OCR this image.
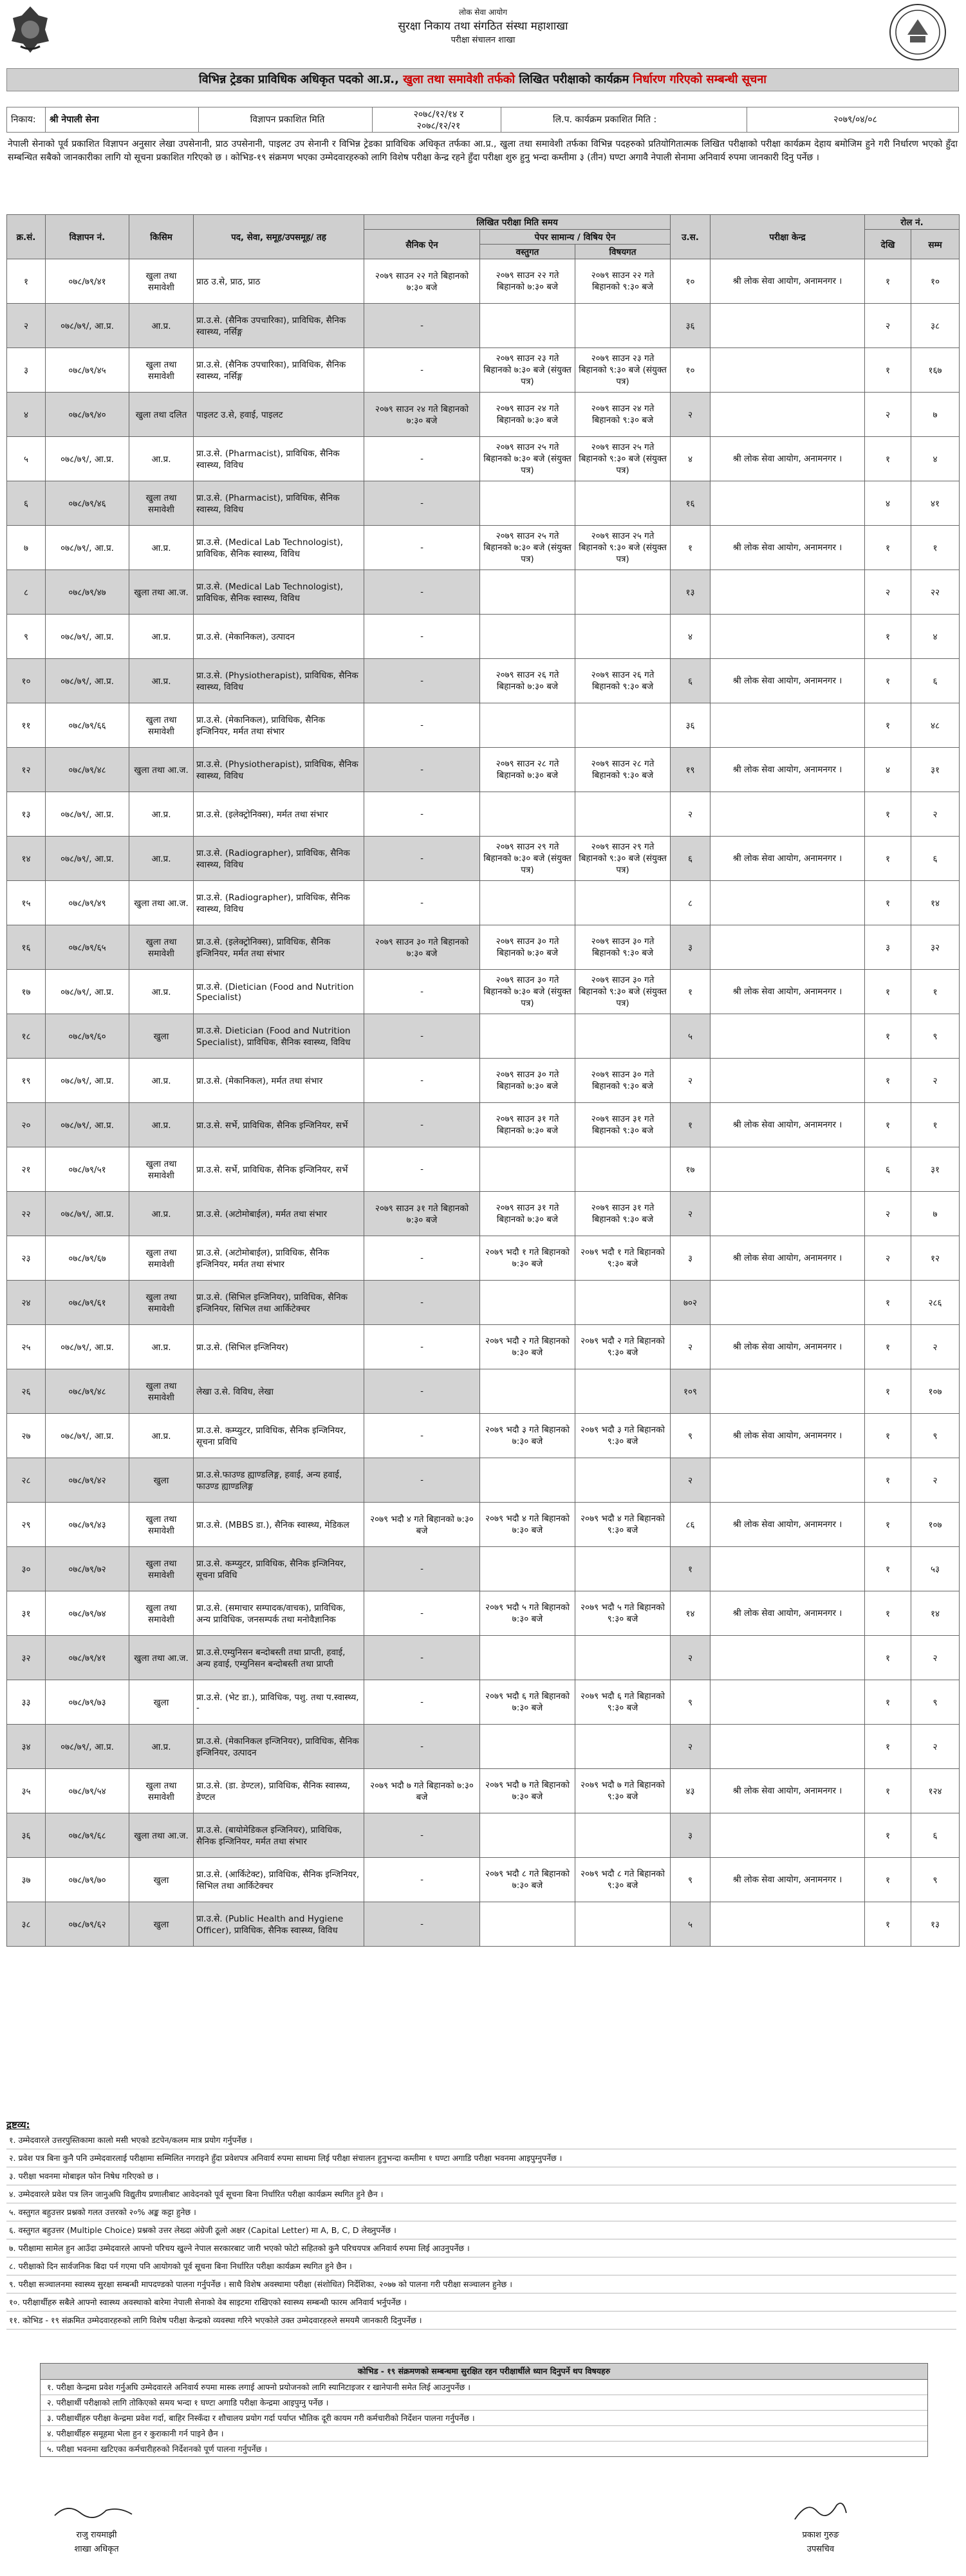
लोक सेवा आयोग
सुरक्षा निकाय तथा संगठित संस्था महाशाखा
परीक्षा संचालन शाखा
विभिन्न ट्रेडका प्राविधिक अधिकृत पदको आ.प्र., खुला तथा समावेशी तर्फको लिखित परीक्षाको कार्यक्रम निर्धारण गरिएको सम्बन्धी सूचना
निकाय:	श्री नेपाली सेना	विज्ञापन प्रकाशित मिति	२०७८/१२/१४ र
२०७८/१२/२१
लि.प. कार्यक्रम प्रकाशित मिति :	२०७९/०४/०८
नेपाली सेनाको पूर्व प्रकाशित विज्ञापन अनुसार लेखा उपसेनानी, प्राठ उपसेनानी, पाइलट उप सेनानी र विभिन्न ट्रेडका प्राविधिक अधिकृत तर्फका आ.प्र., खुला तथा समावेशी तर्फका विभिन्न पदहरुको प्रतियोगितात्मक लिखित परीक्षाको परीक्षा कार्यक्रम देहाय बमोजिम हुने गरी निर्धारण भएको हुँदा सम्बन्धित सबैको जानकारीका लागि यो सूचना प्रकाशित गरिएको छ । कोभिड-१९ संक्रमण भएका उम्मेदवारहरुको लागि विशेष परीक्षा केन्द्र रहने हुँदा परीक्षा शुरु हुनु भन्दा कम्तीमा ३ (तीन) घण्टा अगावै नेपाली सेनामा अनिवार्य रुपमा जानकारी दिनु पर्नेछ ।
क्र.सं.	विज्ञापन नं.	किसिम	पद, सेवा, समूह/उपसमूह/ तह	लिखित परीक्षा मिति समय			उ.स.	परीक्षा केन्द्र	रोल नं.	
				सैनिक ऐन	पेपर सामान्य / विषिय ऐन				देखि	सम्म
					वस्तुगत	विषयगत				
१	०७८/७९/४१	खुला तथा समावेशी	प्राठ उ.से, प्राठ, प्राठ	२०७९ साउन २२ गते बिहानको ७:३० बजे	२०७९ साउन २२ गते बिहानको ७:३० बजे	२०७९ साउन २२ गते बिहानको ९:३० बजे	१०	श्री लोक सेवा आयोग, अनामनगर ।	१	१०
२	०७८/७९/, आ.प्र.	आ.प्र.	प्रा.उ.से. (सैनिक उपचारिका), प्राविधिक, सैनिक स्वास्थ्य, नर्सिङ्ग	-			३६		२	३८
३	०७८/७९/४५	खुला तथा समावेशी	प्रा.उ.से. (सैनिक उपचारिका), प्राविधिक, सैनिक स्वास्थ्य, नर्सिङ्ग	-	२०७९ साउन २३ गते बिहानको ७:३० बजे (संयुक्त पत्र)	२०७९ साउन २३ गते बिहानको ९:३० बजे (संयुक्त पत्र)	१०		१	१६७
४	०७८/७९/४०	खुला तथा दलित	पाइलट उ.से, हवाई, पाइलट	२०७९ साउन २४ गते बिहानको ७:३० बजे	२०७९ साउन २४ गते बिहानको ७:३० बजे	२०७९ साउन २४ गते बिहानको ९:३० बजे	२		२	७
५	०७८/७९/, आ.प्र.	आ.प्र.	प्रा.उ.से. (Pharmacist), प्राविधिक, सैनिक स्वास्थ्य, विविध	-	२०७९ साउन २५ गते बिहानको ७:३० बजे (संयुक्त पत्र)	२०७९ साउन २५ गते बिहानको ९:३० बजे (संयुक्त पत्र)	४	श्री लोक सेवा आयोग, अनामनगर ।	१	४
६	०७८/७९/४६	खुला तथा समावेशी	प्रा.उ.से. (Pharmacist), प्राविधिक, सैनिक स्वास्थ्य, विविध	-			१६		४	४१
७	०७८/७९/, आ.प्र.	आ.प्र.	प्रा.उ.से. (Medical Lab Technologist), प्राविधिक, सैनिक स्वास्थ्य, विविध	-	२०७९ साउन २५ गते बिहानको ७:३० बजे (संयुक्त पत्र)	२०७९ साउन २५ गते बिहानको ९:३० बजे (संयुक्त पत्र)	१	श्री लोक सेवा आयोग, अनामनगर ।	१	१
८	०७८/७९/४७	खुला तथा आ.ज.	प्रा.उ.से. (Medical Lab Technologist), प्राविधिक, सैनिक स्वास्थ्य, विविध	-			१३		२	२२
९	०७८/७९/, आ.प्र.	आ.प्र.	प्रा.उ.से. (मेकानिकल), उत्पादन	-			४		१	४
१०	०७८/७९/, आ.प्र.	आ.प्र.	प्रा.उ.से. (Physiotherapist), प्राविधिक, सैनिक स्वास्थ्य, विविध	-	२०७९ साउन २६ गते बिहानको ७:३० बजे	२०७९ साउन २६ गते बिहानको ९:३० बजे	६	श्री लोक सेवा आयोग, अनामनगर ।	१	६
११	०७८/७९/६६	खुला तथा समावेशी	प्रा.उ.से. (मेकानिकल), प्राविधिक, सैनिक इन्जिनियर, मर्मत तथा संभार	-			३६		१	४८
१२	०७८/७९/४८	खुला तथा आ.ज.	प्रा.उ.से. (Physiotherapist), प्राविधिक, सैनिक स्वास्थ्य, विविध	-	२०७९ साउन २८ गते बिहानको ७:३० बजे	२०७९ साउन २८ गते बिहानको ९:३० बजे	१९	श्री लोक सेवा आयोग, अनामनगर ।	४	३१
१३	०७८/७९/, आ.प्र.	आ.प्र.	प्रा.उ.से. (इलेक्ट्रोनिक्स), मर्मत तथा संभार	-			२		१	२
१४	०७८/७९/, आ.प्र.	आ.प्र.	प्रा.उ.से. (Radiographer), प्राविधिक, सैनिक स्वास्थ्य, विविध	-	२०७९ साउन २९ गते बिहानको ७:३० बजे (संयुक्त पत्र)	२०७९ साउन २९ गते बिहानको ९:३० बजे (संयुक्त पत्र)	६	श्री लोक सेवा आयोग, अनामनगर ।	१	६
१५	०७८/७९/४९	खुला तथा आ.ज.	प्रा.उ.से. (Radiographer), प्राविधिक, सैनिक स्वास्थ्य, विविध	-			८		१	१४
१६	०७८/७९/६५	खुला तथा समावेशी	प्रा.उ.से. (इलेक्ट्रोनिक्स), प्राविधिक, सैनिक इन्जिनियर, मर्मत तथा संभार	२०७९ साउन ३० गते बिहानको ७:३० बजे	२०७९ साउन ३० गते बिहानको ७:३० बजे	२०७९ साउन ३० गते बिहानको ९:३० बजे	३		३	३२
१७	०७८/७९/, आ.प्र.	आ.प्र.	प्रा.उ.से. (Dietician (Food and Nutrition Specialist)	-	२०७९ साउन ३० गते बिहानको ७:३० बजे (संयुक्त पत्र)	२०७९ साउन ३० गते बिहानको ९:३० बजे (संयुक्त पत्र)	१	श्री लोक सेवा आयोग, अनामनगर ।	१	१
१८	०७८/७९/६०	खुला	प्रा.उ.से. Dietician (Food and Nutrition Specialist), प्राविधिक, सैनिक स्वास्थ्य, विविध	-			५		१	९
१९	०७८/७९/, आ.प्र.	आ.प्र.	प्रा.उ.से. (मेकानिकल), मर्मत तथा संभार	-	२०७९ साउन ३० गते बिहानको ७:३० बजे	२०७९ साउन ३० गते बिहानको ९:३० बजे	२		१	२
२०	०७८/७९/, आ.प्र.	आ.प्र.	प्रा.उ.से. सर्भे, प्राविधिक, सैनिक इन्जिनियर, सर्भे	-	२०७९ साउन ३१ गते बिहानको ७:३० बजे	२०७९ साउन ३१ गते बिहानको ९:३० बजे	१	श्री लोक सेवा आयोग, अनामनगर ।	१	१
२१	०७८/७९/५१	खुला तथा समावेशी	प्रा.उ.से. सर्भे, प्राविधिक, सैनिक इन्जिनियर, सर्भे	-			१७		६	३१
२२	०७८/७९/, आ.प्र.	आ.प्र.	प्रा.उ.से. (अटोमोबाईल), मर्मत तथा संभार	२०७९ साउन ३१ गते बिहानको ७:३० बजे	२०७९ साउन ३१ गते बिहानको ७:३० बजे	२०७९ साउन ३१ गते बिहानको ९:३० बजे	२		२	७
२३	०७८/७९/६७	खुला तथा समावेशी	प्रा.उ.से. (अटोमोबाईल), प्राविधिक, सैनिक इन्जिनियर, मर्मत तथा संभार	-	२०७९ भदौ १ गते बिहानको ७:३० बजे	२०७९ भदौ १ गते बिहानको ९:३० बजे	३	श्री लोक सेवा आयोग, अनामनगर ।	२	१२
२४	०७८/७९/६१	खुला तथा समावेशी	प्रा.उ.से. (सिभिल इन्जिनियर), प्राविधिक, सैनिक इन्जिनियर, सिभिल तथा आर्किटेक्चर	-			७०२		१	२८६
२५	०७८/७९/, आ.प्र.	आ.प्र.	प्रा.उ.से. (सिभिल इन्जिनियर)	-	२०७९ भदौ २ गते बिहानको ७:३० बजे	२०७९ भदौ २ गते बिहानको ९:३० बजे	२	श्री लोक सेवा आयोग, अनामनगर ।	१	२
२६	०७८/७९/४८	खुला तथा समावेशी	लेखा उ.से. विविध, लेखा	-			१०९		१	१०७
२७	०७८/७९/, आ.प्र.	आ.प्र.	प्रा.उ.से. कम्प्युटर, प्राविधिक, सैनिक इन्जिनियर, सूचना प्रविधि	-	२०७९ भदौ ३ गते बिहानको ७:३० बजे	२०७९ भदौ ३ गते बिहानको ९:३० बजे	९	श्री लोक सेवा आयोग, अनामनगर ।	१	९
२८	०७८/७९/४२	खुला	प्रा.उ.से.फाउण्ड ह्याण्डलिङ्ग, हवाई, अन्य हवाई, फाउण्ड ह्याण्डलिङ्ग	-			२		१	२
२९	०७८/७९/४३	खुला तथा समावेशी	प्रा.उ.से. (MBBS डा.), सैनिक स्वास्थ्य, मेडिकल	२०७९ भदौ ४ गते बिहानको ७:३० बजे	२०७९ भदौ ४ गते बिहानको ७:३० बजे	२०७९ भदौ ४ गते बिहानको ९:३० बजे	८६	श्री लोक सेवा आयोग, अनामनगर ।	१	१०७
३०	०७८/७९/७२	खुला तथा समावेशी	प्रा.उ.से. कम्प्युटर, प्राविधिक, सैनिक इन्जिनियर, सूचना प्रविधि	-			१		१	५३
३१	०७८/७९/७४	खुला तथा समावेशी	प्रा.उ.से. (समाचार सम्पादक/वाचक), प्राविधिक, अन्य प्राविधिक, जनसम्पर्क तथा मनोवैज्ञानिक	-	२०७९ भदौ ५ गते बिहानको ७:३० बजे	२०७९ भदौ ५ गते बिहानको ९:३० बजे	१४	श्री लोक सेवा आयोग, अनामनगर ।	१	१४
३२	०७८/७९/४१	खुला तथा आ.ज.	प्रा.उ.से.एम्युनिसन बन्दोबस्ती तथा प्राप्ती, हवाई, अन्य हवाई, एम्युनिसन बन्दोबस्ती तथा प्राप्ती	-			२		१	२
३३	०७८/७९/७३	खुला	प्रा.उ.से. (भेट डा.), प्राविधिक, पशु. तथा प.स्वास्थ्य, -	-	२०७९ भदौ ६ गते बिहानको ७:३० बजे	२०७९ भदौ ६ गते बिहानको ९:३० बजे	९		१	९
३४	०७८/७९/, आ.प्र.	आ.प्र.	प्रा.उ.से. (मेकानिकल इन्जिनियर), प्राविधिक, सैनिक इन्जिनियर, उत्पादन	-			२		१	२
३५	०७८/७९/५४	खुला तथा समावेशी	प्रा.उ.से. (डा. डेण्टल), प्राविधिक, सैनिक स्वास्थ्य, डेण्टल	२०७९ भदौ ७ गते बिहानको ७:३० बजे	२०७९ भदौ ७ गते बिहानको ७:३० बजे	२०७९ भदौ ७ गते बिहानको ९:३० बजे	४३	श्री लोक सेवा आयोग, अनामनगर ।	१	१२४
३६	०७८/७९/६८	खुला तथा आ.ज.	प्रा.उ.से. (बायोमेडिकल इन्जिनियर), प्राविधिक, सैनिक इन्जिनियर, मर्मत तथा संभार	-			३		१	६
३७	०७८/७९/७०	खुला	प्रा.उ.से. (आर्किटेक्ट), प्राविधिक, सैनिक इन्जिनियर, सिभिल तथा आर्किटेक्चर	-	२०७९ भदौ ८ गते बिहानको ७:३० बजे	२०७९ भदौ ८ गते बिहानको ९:३० बजे	९	श्री लोक सेवा आयोग, अनामनगर ।	१	९
३८	०७८/७९/६२	खुला	प्रा.उ.से. (Public Health and Hygiene Officer), प्राविधिक, सैनिक स्वास्थ्य, विविध	-			५		१	१३
द्रष्टव्य:
१. उम्मेदवारले उत्तरपुस्तिकामा कालो मसी भएको डटपेन/कलम मात्र प्रयोग गर्नुपर्नेछ ।
२. प्रवेश पत्र बिना कुनै पनि उम्मेदवारलाई परीक्षामा सम्मिलित नगराइने हुँदा प्रवेशपत्र अनिवार्य रुपमा साथमा लिई परीक्षा संचालन हुनुभन्दा कम्तीमा १ घण्टा अगाडि परीक्षा भवनमा आइपुग्नुपर्नेछ ।
३. परीक्षा भवनमा मोबाइल फोन निषेध गरिएको छ ।
४. उम्मेदवारले प्रवेश पत्र लिन जानुअघि विद्युतीय प्रणालीबाट आवेदनको पूर्व सूचना बिना निर्धारित परीक्षा कार्यक्रम स्थगित हुने छैन ।
५. वस्तुगत बहुउत्तर प्रश्नको गलत उत्तरको २०% अङ्क कट्टा हुनेछ ।
६. वस्तुगत बहुउत्तर (Multiple Choice) प्रश्नको उत्तर लेख्दा अंग्रेजी ठूलो अक्षर (Capital Letter) मा A, B, C, D लेख्नुपर्नेछ ।
७. परीक्षामा सामेल हुन आउँदा उम्मेदवारले आफ्नो परिचय खुल्ने नेपाल सरकारबाट जारी भएको फोटो सहितको कुनै परिचयपत्र अनिवार्य रुपमा लिई आउनुपर्नेछ ।
८. परीक्षाको दिन सार्वजनिक बिदा पर्न गएमा पनि आयोगको पूर्व सूचना बिना निर्धारित परीक्षा कार्यक्रम स्थगित हुने छैन ।
९. परीक्षा सञ्चालनमा स्वास्थ्य सुरक्षा सम्बन्धी मापदण्डको पालना गर्नुपर्नेछ । साथै विशेष अवस्थामा परीक्षा (संशोधित) निर्देशिका, २०७७ को पालना गरी परीक्षा सञ्चालन हुनेछ ।
१०. परीक्षार्थीहरु सबैले आफ्नो स्वास्थ्य अवस्थाको बारेमा नेपाली सेनाको वेब साइटमा राखिएको स्वास्थ्य सम्बन्धी फारम अनिवार्य भर्नुपर्नेछ ।
११. कोभिड - १९ संक्रमित उम्मेदवारहरुको लागि विशेष परीक्षा केन्द्रको व्यवस्था गरिने भएकोले उक्त उम्मेदवारहरुले समयमै जानकारी दिनुपर्नेछ ।
कोभिड - १९ संक्रमणको सम्बन्धमा सुरक्षित रहन परीक्षार्थीले ध्यान दिनुपर्ने थप विषयहरु
१. परीक्षा केन्द्रमा प्रवेश गर्नुअघि उम्मेदवारले अनिवार्य रुपमा मास्क लगाई आफ्नो प्रयोजनको लागि स्यानिटाइजर र खानेपानी समेत लिई आउनुपर्नेछ ।
२. परीक्षार्थी परीक्षाको लागि तोकिएको समय भन्दा १ घण्टा अगाडि परीक्षा केन्द्रमा आइपुग्नु पर्नेछ ।
३. परीक्षार्थीहरु परीक्षा केन्द्रमा प्रवेश गर्दा, बाहिर निस्कँदा र शौचालय प्रयोग गर्दा पर्याप्त भौतिक दूरी कायम गरी कर्मचारीको निर्देशन पालना गर्नुपर्नेछ ।
४. परीक्षार्थीहरु समूहमा भेला हुन र कुराकानी गर्न पाइने छैन ।
५. परीक्षा भवनमा खटिएका कर्मचारीहरुको निर्देशनको पूर्ण पालना गर्नुपर्नेछ ।
राजु रायमाझी
शाखा अधिकृत
प्रकाश गुरुङ
उपसचिव
